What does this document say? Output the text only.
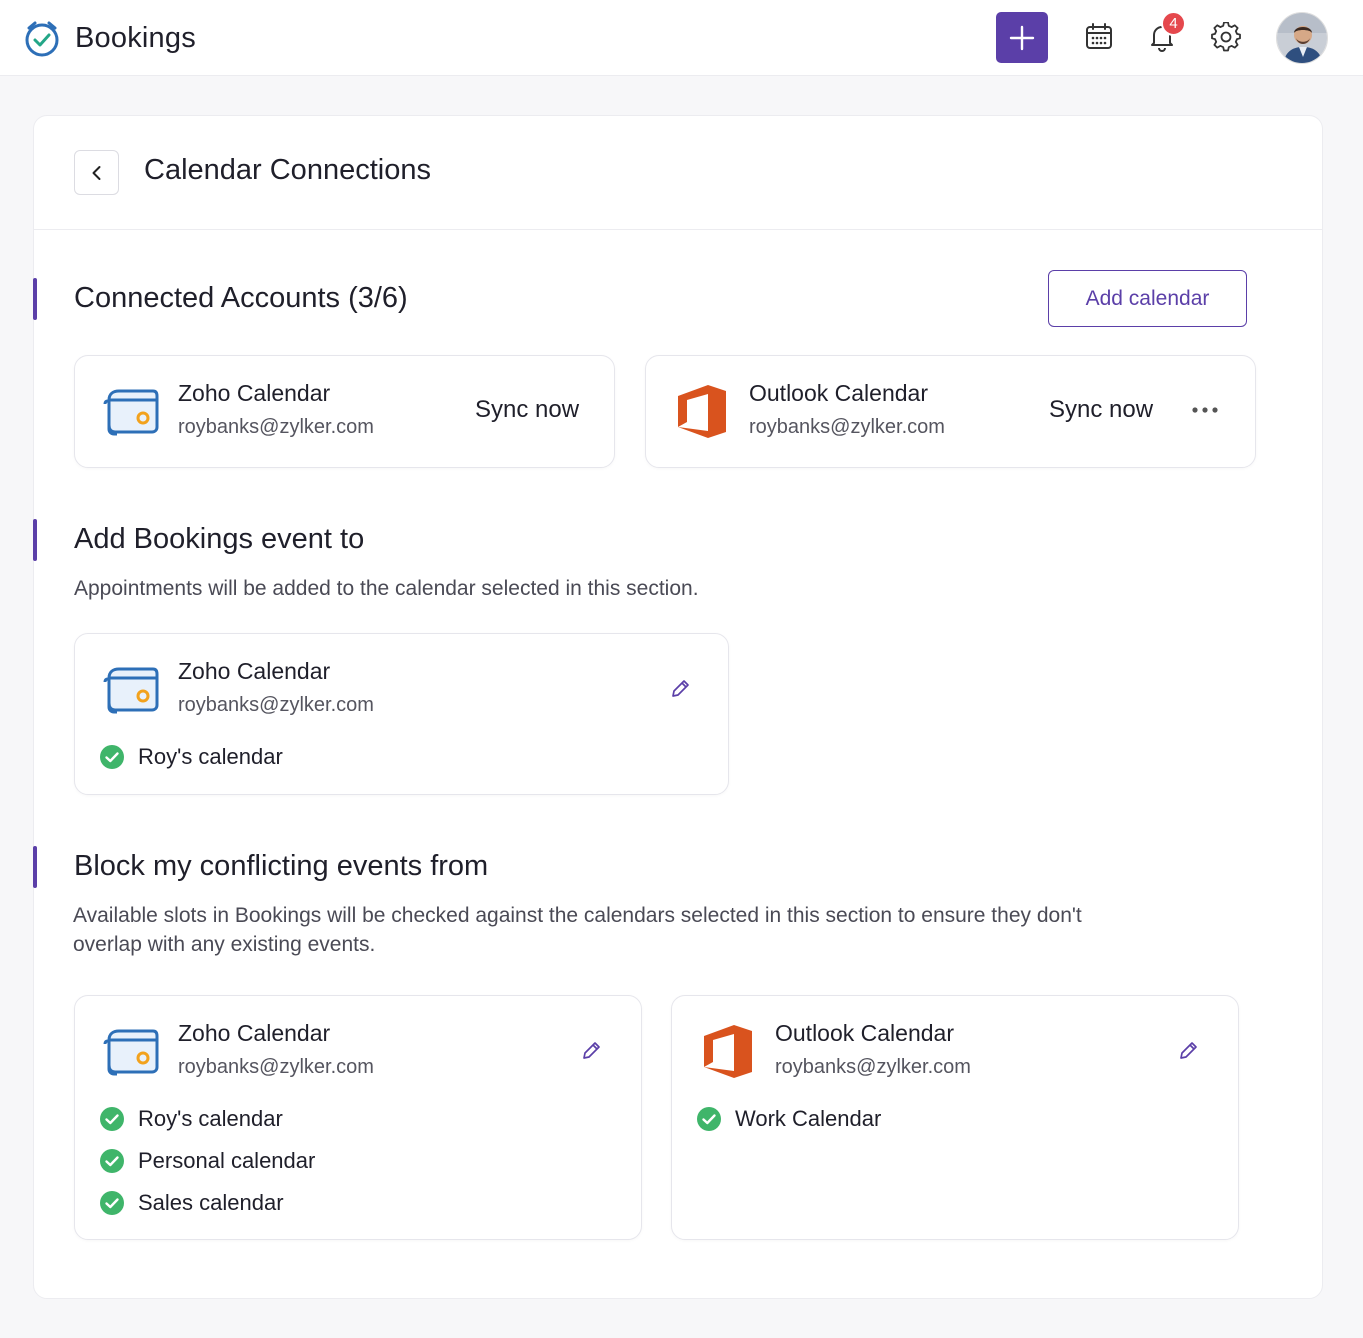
Bookings	4
Calendar Connections
Connected Accounts (3/6)	Add calendar
Zoho Calendar
roybanks@zylker.com
Sync now
Outlook Calendar
roybanks@zylker.com
Sync now
Add Bookings event to
Appointments will be added to the calendar selected in this section.
Zoho Calendar
roybanks@zylker.com
Roy's calendar
Block my conflicting events from
Available slots in Bookings will be checked against the calendars selected in this section to ensure they don't overlap with any existing events.
Zoho Calendar
roybanks@zylker.com
Roy's calendar
Personal calendar
Sales calendar
Outlook Calendar
roybanks@zylker.com
Work Calendar
